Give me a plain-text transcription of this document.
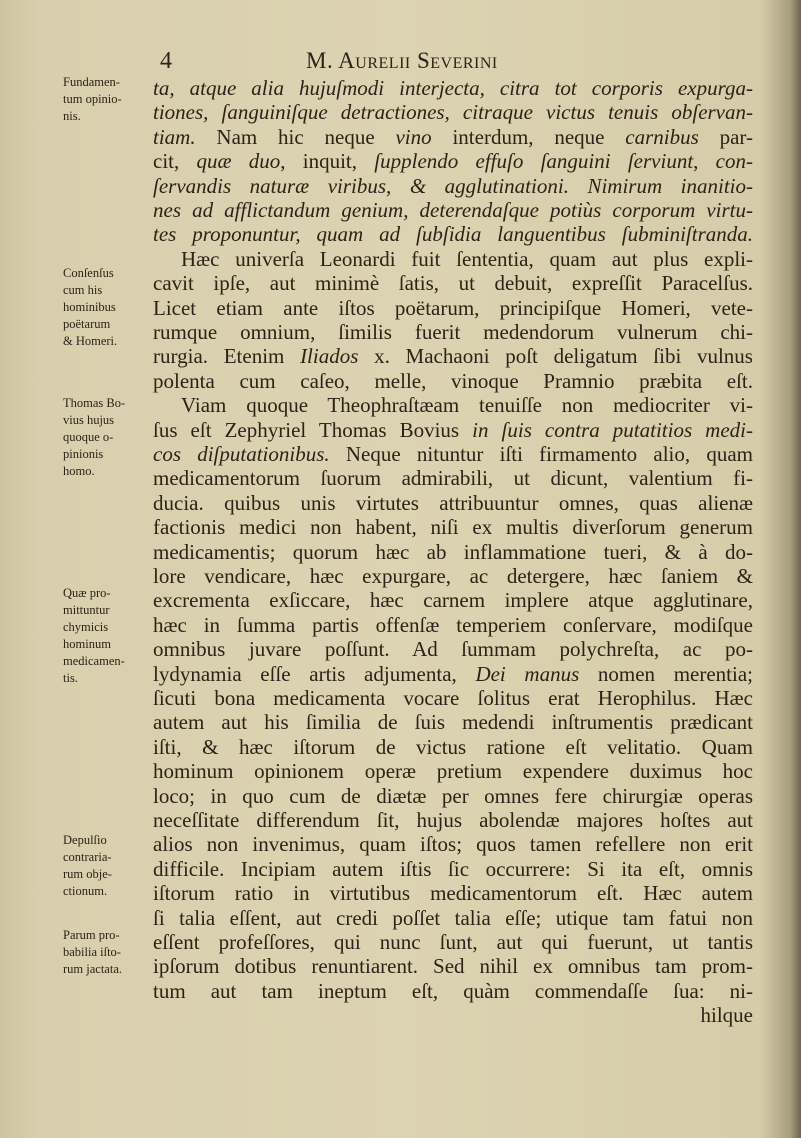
4	M. Aurelii Severini
Fundamen-
tum opinio-
nis.
Conſenſus
cum his
hominibus
poëtarum
& Homeri.
Thomas Bo-
vius hujus
quoque o-
pinionis
homo.
Quæ pro-
mittuntur
chymicis
hominum
medicamen-
tis.
Depulſio
contraria-
rum obje-
ctionum.
Parum pro-
babilia iſto-
rum jactata.
ta, atque alia hujuſmodi interjecta, citra tot corporis expurga-
tiones, ſanguiniſque detractiones, citraque victus tenuis obſervan-
tiam. Nam hic neque vino interdum, neque carnibus par-
cit, quæ duo, inquit, ſupplendo effuſo ſanguini ſerviunt, con-
ſervandis naturæ viribus, & agglutinationi. Nimirum inanitio-
nes ad afflictandum genium, deterendaſque potiùs corporum virtu-
tes proponuntur, quam ad ſubſidia languentibus ſubminiſtranda.
Hæc univerſa Leonardi fuit ſententia, quam aut plus expli-
cavit ipſe, aut minimè ſatis, ut debuit, expreſſit Paracelſus.
Licet etiam ante iſtos poëtarum, principiſque Homeri, vete-
rumque omnium, ſimilis fuerit medendorum vulnerum chi-
rurgia. Etenim Iliados x. Machaoni poſt deligatum ſibi vulnus
polenta cum caſeo, melle, vinoque Pramnio præbita eſt.
Viam quoque Theophraſtæam tenuiſſe non mediocriter vi-
ſus eſt Zephyriel Thomas Bovius in ſuis contra putatitios medi-
cos diſputationibus. Neque nituntur iſti firmamento alio, quam
medicamentorum ſuorum admirabili, ut dicunt, valentium fi-
ducia. quibus unis virtutes attribuuntur omnes, quas alienæ
factionis medici non habent, niſi ex multis diverſorum generum
medicamentis; quorum hæc ab inflammatione tueri, & à do-
lore vendicare, hæc expurgare, ac detergere, hæc ſaniem &
excrementa exſiccare, hæc carnem implere atque agglutinare,
hæc in ſumma partis offenſæ temperiem conſervare, modiſque
omnibus juvare poſſunt. Ad ſummam polychreſta, ac po-
lydynamia eſſe artis adjumenta, Dei manus nomen merentia;
ſicuti bona medicamenta vocare ſolitus erat Herophilus. Hæc
autem aut his ſimilia de ſuis medendi inſtrumentis prædicant
iſti, & hæc iſtorum de victus ratione eſt velitatio. Quam
hominum opinionem operæ pretium expendere duximus hoc
loco; in quo cum de diætæ per omnes fere chirurgiæ operas
neceſſitate differendum ſit, hujus abolendæ majores hoſtes aut
alios non invenimus, quam iſtos; quos tamen refellere non erit
difficile. Incipiam autem iſtis ſic occurrere: Si ita eſt, omnis
iſtorum ratio in virtutibus medicamentorum eſt. Hæc autem
ſi talia eſſent, aut credi poſſet talia eſſe; utique tam fatui non
eſſent profeſſores, qui nunc ſunt, aut qui fuerunt, ut tantis
ipſorum dotibus renuntiarent. Sed nihil ex omnibus tam prom-
tum aut tam ineptum eſt, quàm commendaſſe ſua: ni-
hilque
